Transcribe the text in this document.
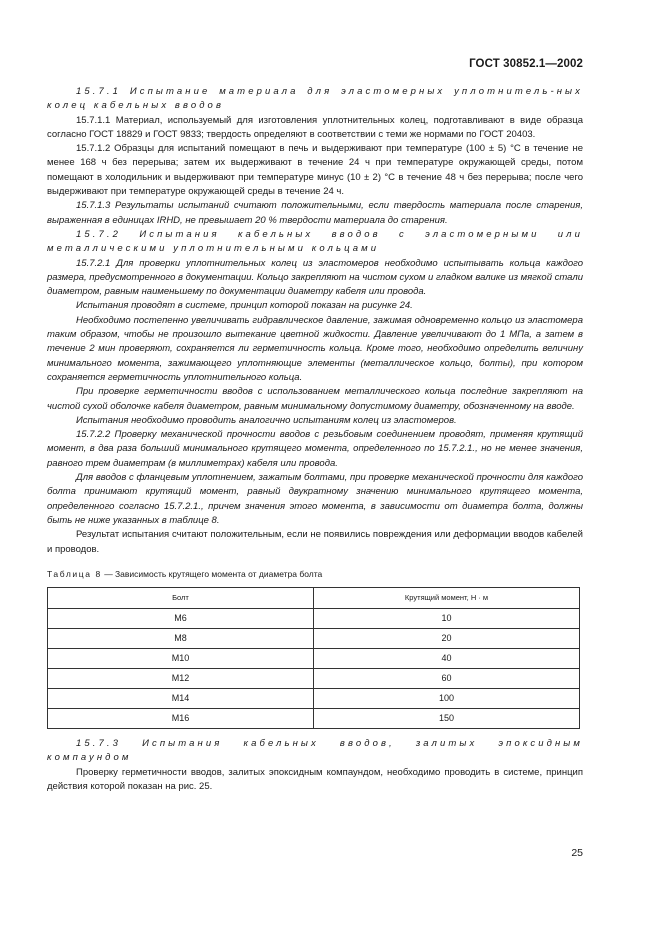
ГОСТ 30852.1—2002

15.7.1 Испытание материала для эластомерных уплотнитель-ных колец кабельных вводов

15.7.1.1 Материал, используемый для изготовления уплотнительных колец, подготавливают в виде образца согласно ГОСТ 18829 и ГОСТ 9833; твердость определяют в соответствии с теми же нормами по ГОСТ 20403.

15.7.1.2 Образцы для испытаний помещают в печь и выдерживают при температуре (100 ± 5) °C в течение не менее 168 ч без перерыва; затем их выдерживают в течение 24 ч при температуре окружающей среды, потом помещают в холодильник и выдерживают при температуре минус (10 ± 2) °C в течение 48 ч без перерыва; после чего выдерживают при температуре окружающей среды в течение 24 ч.

15.7.1.3 Результаты испытаний считают положительными, если твердость материала после старения, выраженная в единицах IRHD, не превышает 20 % твердости материала до старения.

15.7.2 Испытания кабельных вводов с эластомерными или металлическими уплотнительными кольцами

15.7.2.1 Для проверки уплотнительных колец из эластомеров необходимо испытывать кольца каждого размера, предусмотренного в документации. Кольцо закрепляют на чистом сухом и гладком валике из мягкой стали диаметром, равным наименьшему по документации диаметру кабеля или провода.

Испытания проводят в системе, принцип которой показан на рисунке 24.

Необходимо постепенно увеличивать гидравлическое давление, зажимая одновременно кольцо из эластомера таким образом, чтобы не произошло вытекание цветной жидкости. Давление увеличивают до 1 МПа, а затем в течение 2 мин проверяют, сохраняется ли герметичность кольца. Кроме того, необходимо определить величину минимального момента, зажимающего уплотняющие элементы (металлическое кольцо, болты), при котором сохраняется герметичность уплотнительного кольца.

При проверке герметичности вводов с использованием металлического кольца последние закрепляют на чистой сухой оболочке кабеля диаметром, равным минимальному допустимому диаметру, обозначенному на вводе.

Испытания необходимо проводить аналогично испытаниям колец из эластомеров.

15.7.2.2 Проверку механической прочности вводов с резьбовым соединением проводят, применяя крутящий момент, в два раза больший минимального крутящего момента, определенного по 15.7.2.1., но не менее значения, равного трем диаметрам (в миллиметрах) кабеля или провода.

Для вводов с фланцевым уплотнением, зажатым болтами, при проверке механической прочности для каждого болта принимают крутящий момент, равный двукратному значению минимального крутящего момента, определенного согласно 15.7.2.1., причем значения этого момента, в зависимости от диаметра болта, должны быть не ниже указанных в таблице 8.

Результат испытания считают положительным, если не появились повреждения или деформации вводов кабелей и проводов.

Таблица 8 — Зависимость крутящего момента от диаметра болта

Болт	Крутящий момент, Н · м
М6	10
М8	20
М10	40
М12	60
М14	100
М16	150

15.7.3 Испытания кабельных вводов, залитых эпоксидным компаундом

Проверку герметичности вводов, залитых эпоксидным компаундом, необходимо проводить в системе, принцип действия которой показан на рис. 25.

25
